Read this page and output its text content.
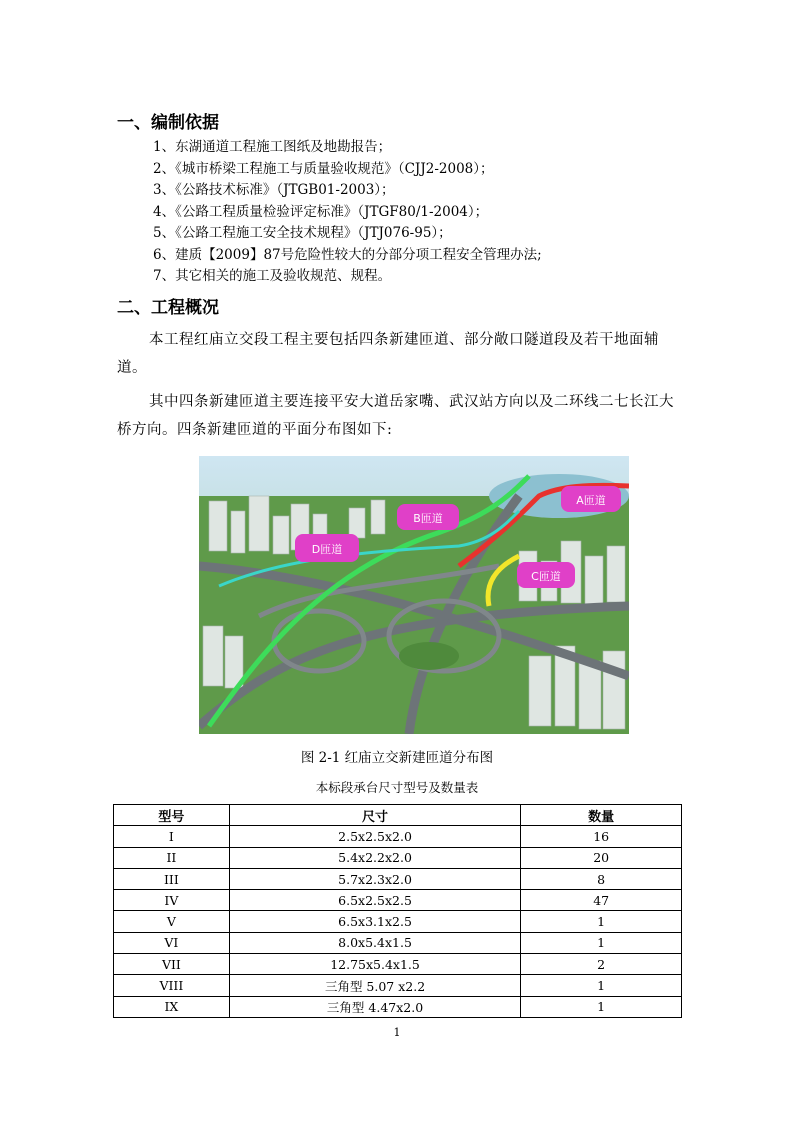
一、编制依据
1、东湖通道工程施工图纸及地勘报告；
2、《城市桥梁工程施工与质量验收规范》（CJJ2-2008）；
3、《公路技术标准》（JTGB01-2003）；
4、《公路工程质量检验评定标准》（JTGF80/1-2004）；
5、《公路工程施工安全技术规程》（JTJ076-95）；
6、建质【2009】87号危险性较大的分部分项工程安全管理办法;
7、其它相关的施工及验收规范、规程。
二、工程概况

本工程红庙立交段工程主要包括四条新建匝道、部分敞口隧道段及若干地面辅道。

其中四条新建匝道主要连接平安大道岳家嘴、武汉站方向以及二环线二七长江大桥方向。四条新建匝道的平面分布图如下:

A匝道
B匝道
C匝道
D匝道
图 2-1 红庙立交新建匝道分布图
本标段承台尺寸型号及数量表
型号	尺寸	数量
I	2.5x2.5x2.0	16
II	5.4x2.2x2.0	20
III	5.7x2.3x2.0	8
IV	6.5x2.5x2.5	47
V	6.5x3.1x2.5	1
VI	8.0x5.4x1.5	1
VII	12.75x5.4x1.5	2
VIII	三角型 5.07 x2.2	1
IX	三角型 4.47x2.0	1
1
